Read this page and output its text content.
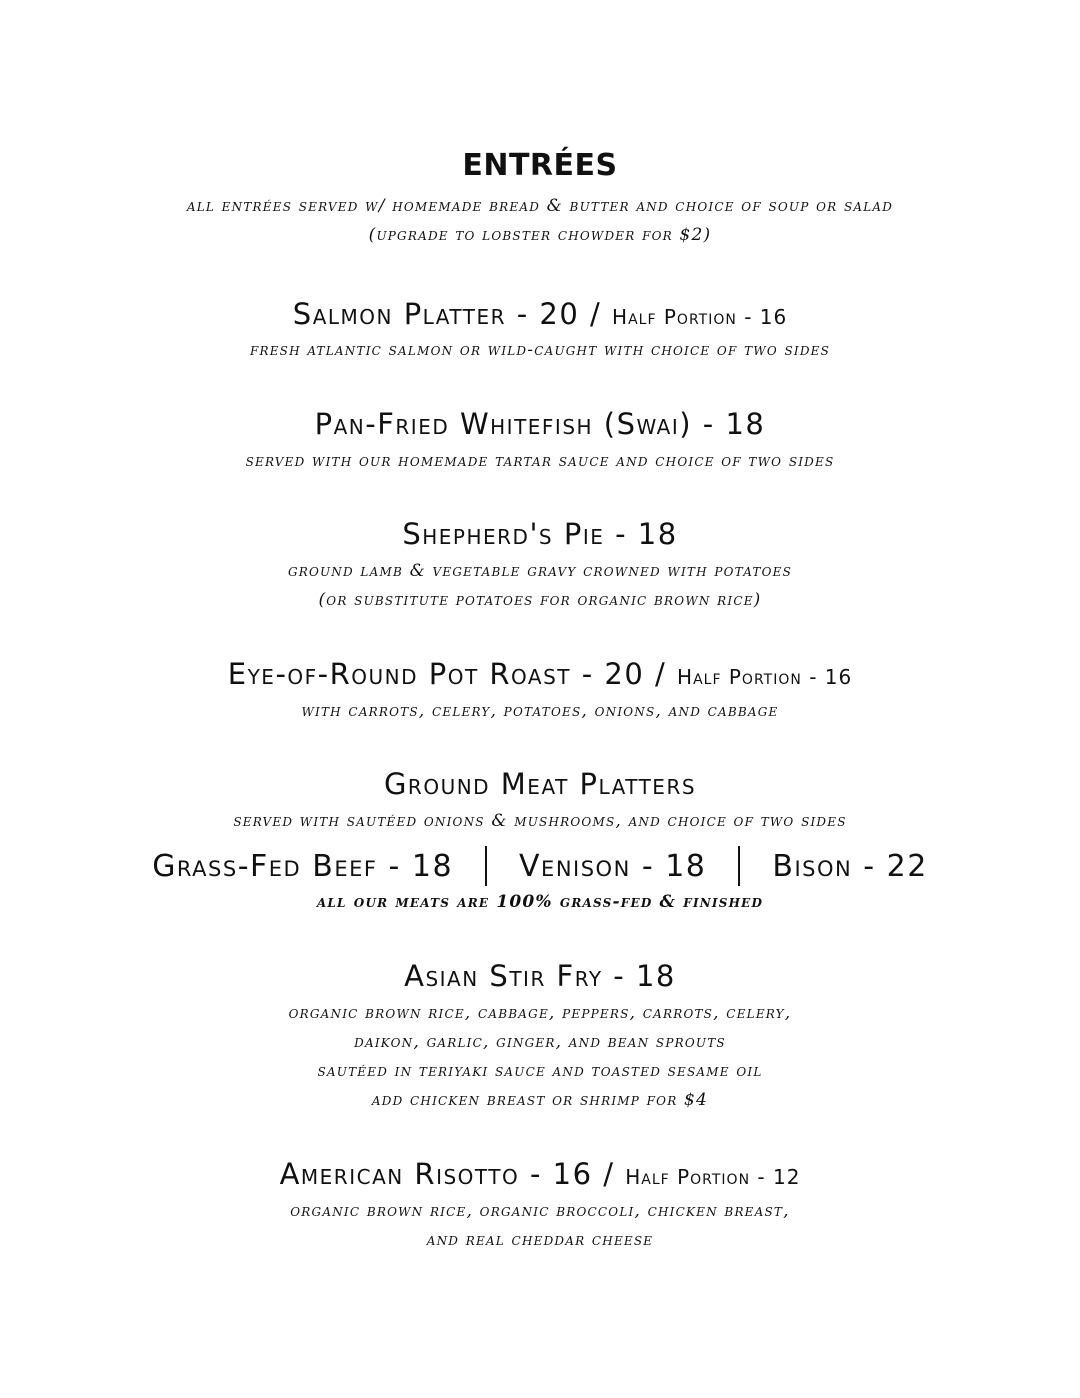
ENTRÉES
all entrées served w/ homemade bread & butter and choice of soup or salad
(upgrade to lobster chowder for $2)
Salmon Platter - 20 / Half Portion - 16
fresh atlantic salmon or wild-caught with choice of two sides
Pan-Fried Whitefish (Swai) - 18
served with our homemade tartar sauce and choice of two sides
Shepherd's Pie - 18
ground lamb & vegetable gravy crowned with potatoes
(or substitute potatoes for organic brown rice)
Eye-of-Round Pot Roast - 20 / Half Portion - 16
with carrots, celery, potatoes, onions, and cabbage
Ground Meat Platters
served with sautéed onions & mushrooms, and choice of two sides
Grass-Fed Beef - 18 Venison - 18 Bison - 22
all our meats are 100% grass-fed & finished
Asian Stir Fry - 18
organic brown rice, cabbage, peppers, carrots, celery,
daikon, garlic, ginger, and bean sprouts
sautéed in teriyaki sauce and toasted sesame oil
add chicken breast or shrimp for $4
American Risotto - 16 / Half Portion - 12
organic brown rice, organic broccoli, chicken breast,
and real cheddar cheese
